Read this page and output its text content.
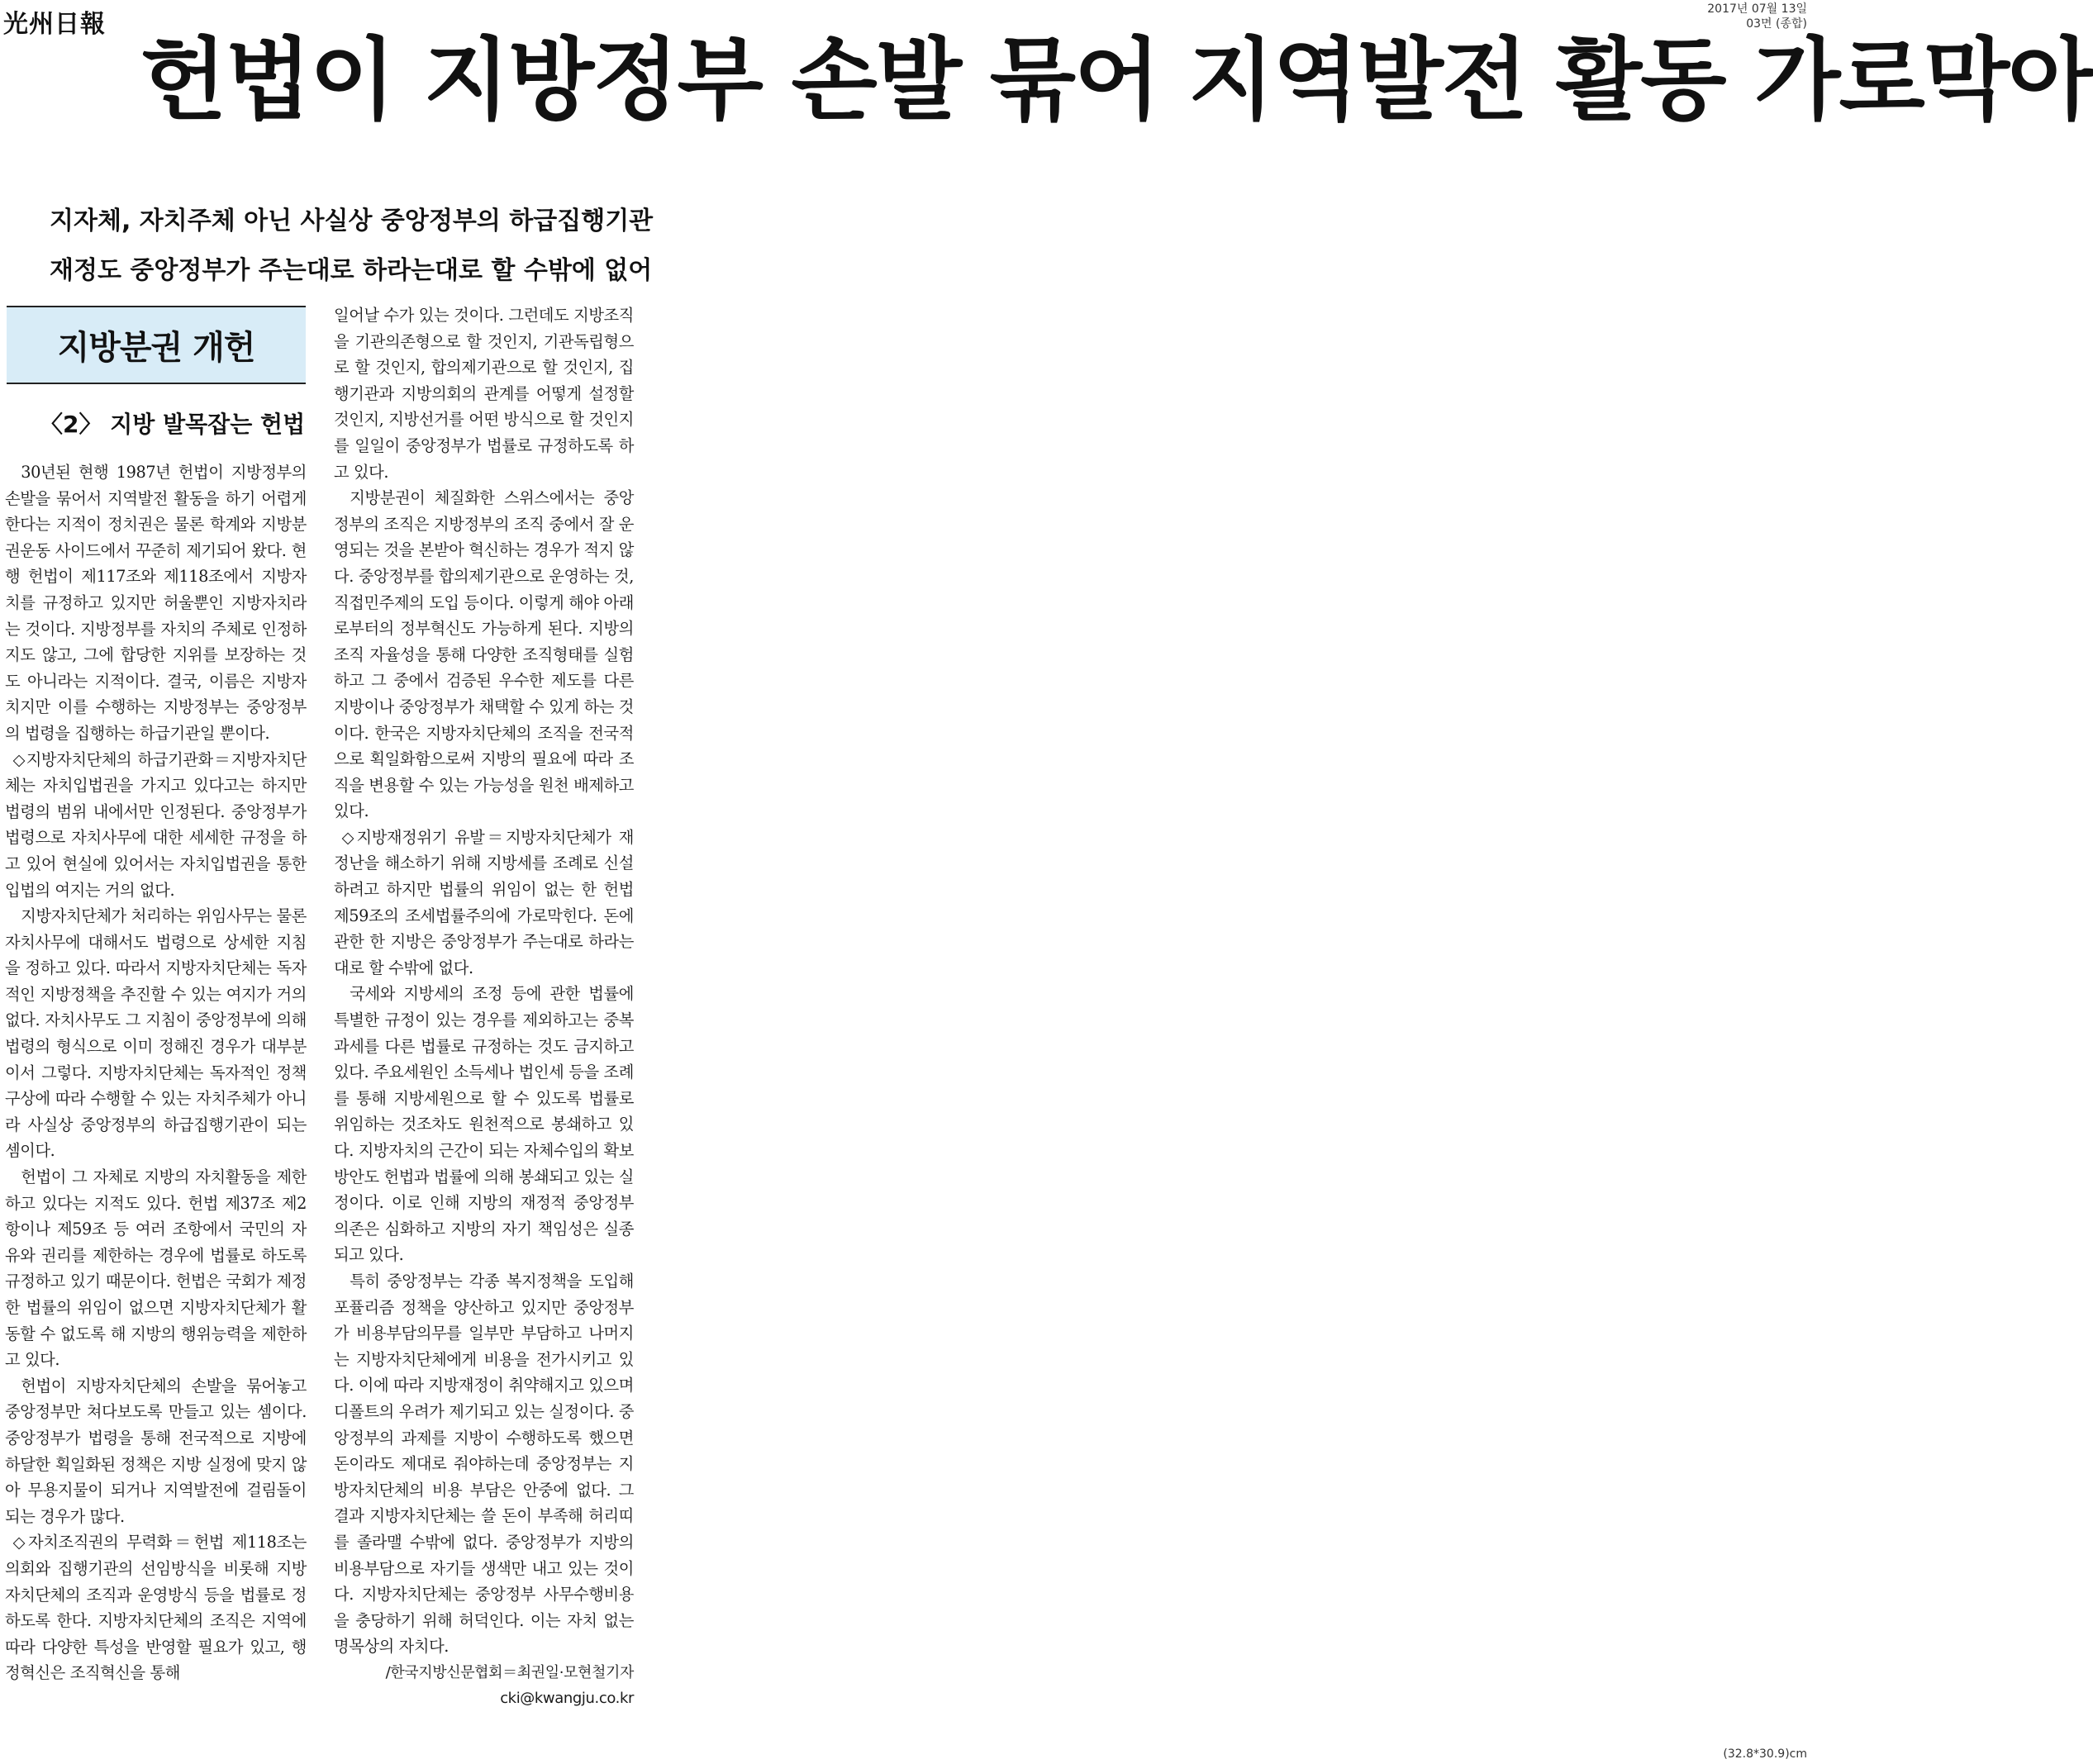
光州日報
2017년 07월 13일
03면 (종합)
헌법이 지방정부 손발 묶어 지역발전 활동 가로막아
지자체, 자치주체 아닌 사실상 중앙정부의 하급집행기관
재정도 중앙정부가 주는대로 하라는대로 할 수밖에 없어
지방분권 개헌
〈2〉 지방 발목잡는 헌법

30년된 현행 1987년 헌법이 지방정부의 손발을 묶어서 지역발전 활동을 하기 어렵게 한다는 지적이 정치권은 물론 학계와 지방분권운동 사이드에서 꾸준히 제기되어 왔다. 현행 헌법이 제117조와 제118조에서 지방자치를 규정하고 있지만 허울뿐인 지방자치라는 것이다. 지방정부를 자치의 주체로 인정하지도 않고, 그에 합당한 지위를 보장하는 것도 아니라는 지적이다. 결국, 이름은 지방자치지만 이를 수행하는 지방정부는 중앙정부의 법령을 집행하는 하급기관일 뿐이다.

◇지방자치단체의 하급기관화＝지방자치단체는 자치입법권을 가지고 있다고는 하지만 법령의 범위 내에서만 인정된다. 중앙정부가 법령으로 자치사무에 대한 세세한 규정을 하고 있어 현실에 있어서는 자치입법권을 통한 입법의 여지는 거의 없다.

지방자치단체가 처리하는 위임사무는 물론 자치사무에 대해서도 법령으로 상세한 지침을 정하고 있다. 따라서 지방자치단체는 독자적인 지방정책을 추진할 수 있는 여지가 거의 없다. 자치사무도 그 지침이 중앙정부에 의해 법령의 형식으로 이미 정해진 경우가 대부분이서 그렇다. 지방자치단체는 독자적인 정책구상에 따라 수행할 수 있는 자치주체가 아니라 사실상 중앙정부의 하급집행기관이 되는 셈이다.

헌법이 그 자체로 지방의 자치활동을 제한하고 있다는 지적도 있다. 헌법 제37조 제2항이나 제59조 등 여러 조항에서 국민의 자유와 권리를 제한하는 경우에 법률로 하도록 규정하고 있기 때문이다. 헌법은 국회가 제정한 법률의 위임이 없으면 지방자치단체가 활동할 수 없도록 해 지방의 행위능력을 제한하고 있다.

헌법이 지방자치단체의 손발을 묶어놓고 중앙정부만 쳐다보도록 만들고 있는 셈이다. 중앙정부가 법령을 통해 전국적으로 지방에 하달한 획일화된 정책은 지방 실정에 맞지 않아 무용지물이 되거나 지역발전에 걸림돌이 되는 경우가 많다.

◇자치조직권의 무력화＝헌법 제118조는 의회와 집행기관의 선임방식을 비롯해 지방자치단체의 조직과 운영방식 등을 법률로 정하도록 한다. 지방자치단체의 조직은 지역에 따라 다양한 특성을 반영할 필요가 있고, 행정혁신은 조직혁신을 통해

일어날 수가 있는 것이다. 그런데도 지방조직을 기관의존형으로 할 것인지, 기관독립형으로 할 것인지, 합의제기관으로 할 것인지, 집행기관과 지방의회의 관계를 어떻게 설정할 것인지, 지방선거를 어떤 방식으로 할 것인지를 일일이 중앙정부가 법률로 규정하도록 하고 있다.

지방분권이 체질화한 스위스에서는 중앙정부의 조직은 지방정부의 조직 중에서 잘 운영되는 것을 본받아 혁신하는 경우가 적지 않다. 중앙정부를 합의제기관으로 운영하는 것, 직접민주제의 도입 등이다. 이렇게 해야 아래로부터의 정부혁신도 가능하게 된다. 지방의 조직 자율성을 통해 다양한 조직형태를 실험하고 그 중에서 검증된 우수한 제도를 다른 지방이나 중앙정부가 채택할 수 있게 하는 것이다. 한국은 지방자치단체의 조직을 전국적으로 획일화함으로써 지방의 필요에 따라 조직을 변용할 수 있는 가능성을 원천 배제하고 있다.

◇지방재정위기 유발＝지방자치단체가 재정난을 해소하기 위해 지방세를 조례로 신설하려고 하지만 법률의 위임이 없는 한 헌법 제59조의 조세법률주의에 가로막힌다. 돈에 관한 한 지방은 중앙정부가 주는대로 하라는대로 할 수밖에 없다.

국세와 지방세의 조정 등에 관한 법률에 특별한 규정이 있는 경우를 제외하고는 중복과세를 다른 법률로 규정하는 것도 금지하고 있다. 주요세원인 소득세나 법인세 등을 조례를 통해 지방세원으로 할 수 있도록 법률로 위임하는 것조차도 원천적으로 봉쇄하고 있다. 지방자치의 근간이 되는 자체수입의 확보방안도 헌법과 법률에 의해 봉쇄되고 있는 실정이다. 이로 인해 지방의 재정적 중앙정부 의존은 심화하고 지방의 자기 책임성은 실종되고 있다.

특히 중앙정부는 각종 복지정책을 도입해 포퓰리즘 정책을 양산하고 있지만 중앙정부가 비용부담의무를 일부만 부담하고 나머지는 지방자치단체에게 비용을 전가시키고 있다. 이에 따라 지방재정이 취약해지고 있으며 디폴트의 우려가 제기되고 있는 실정이다. 중앙정부의 과제를 지방이 수행하도록 했으면 돈이라도 제대로 줘야하는데 중앙정부는 지방자치단체의 비용 부담은 안중에 없다. 그 결과 지방자치단체는 쓸 돈이 부족해 허리띠를 졸라맬 수밖에 없다. 중앙정부가 지방의 비용부담으로 자기들 생색만 내고 있는 것이다. 지방자치단체는 중앙정부 사무수행비용을 충당하기 위해 허덕인다. 이는 자치 없는 명목상의 자치다.

/한국지방신문협회＝최권일·모현철기자 cki@kwangju.co.kr

(32.8*30.9)cm
